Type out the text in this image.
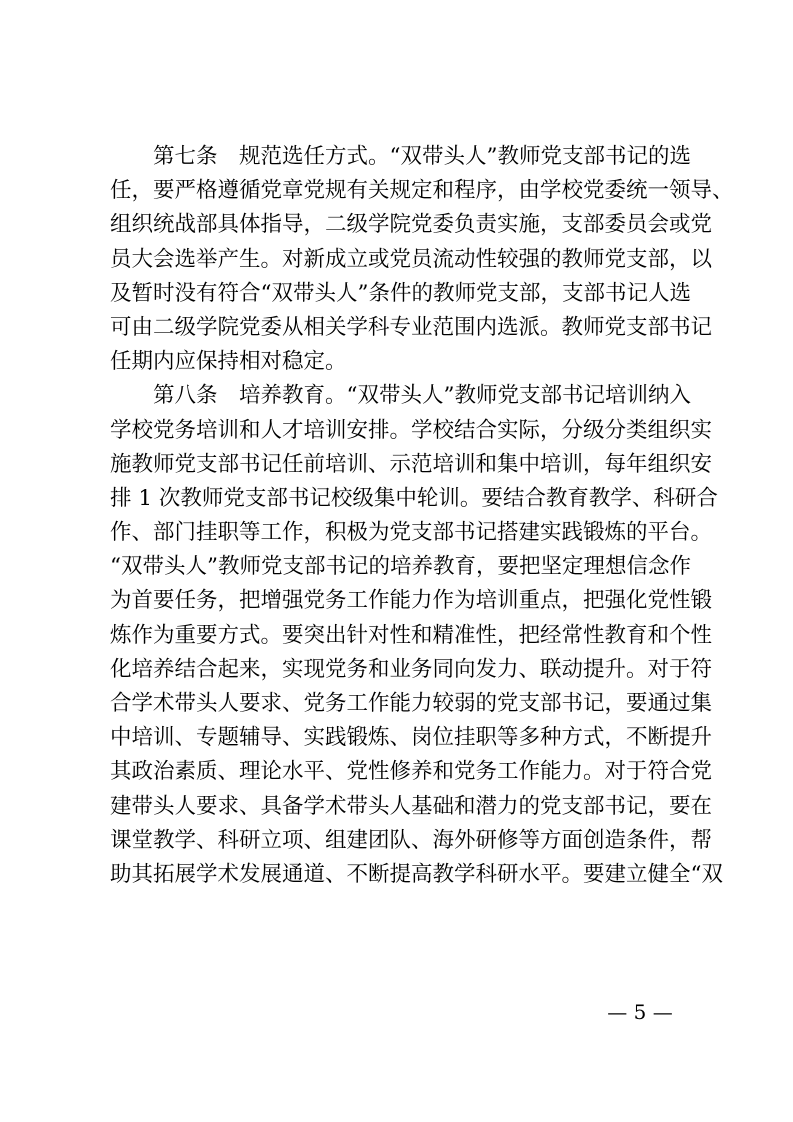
　　第七条　规范选任方式。“双带头人”教师党支部书记的选
任，要严格遵循党章党规有关规定和程序，由学校党委统一领导、
组织统战部具体指导，二级学院党委负责实施，支部委员会或党
员大会选举产生。对新成立或党员流动性较强的教师党支部，以
及暂时没有符合“双带头人”条件的教师党支部，支部书记人选
可由二级学院党委从相关学科专业范围内选派。教师党支部书记
任期内应保持相对稳定。
　　第八条　培养教育。“双带头人”教师党支部书记培训纳入
学校党务培训和人才培训安排。学校结合实际，分级分类组织实
施教师党支部书记任前培训、示范培训和集中培训，每年组织安
排 1 次教师党支部书记校级集中轮训。要结合教育教学、科研合
作、部门挂职等工作，积极为党支部书记搭建实践锻炼的平台。
“双带头人”教师党支部书记的培养教育，要把坚定理想信念作
为首要任务，把增强党务工作能力作为培训重点，把强化党性锻
炼作为重要方式。要突出针对性和精准性，把经常性教育和个性
化培养结合起来，实现党务和业务同向发力、联动提升。对于符
合学术带头人要求、党务工作能力较弱的党支部书记，要通过集
中培训、专题辅导、实践锻炼、岗位挂职等多种方式，不断提升
其政治素质、理论水平、党性修养和党务工作能力。对于符合党
建带头人要求、具备学术带头人基础和潜力的党支部书记，要在
课堂教学、科研立项、组建团队、海外研修等方面创造条件，帮
助其拓展学术发展通道、不断提高教学科研水平。要建立健全“双
— 5 —
